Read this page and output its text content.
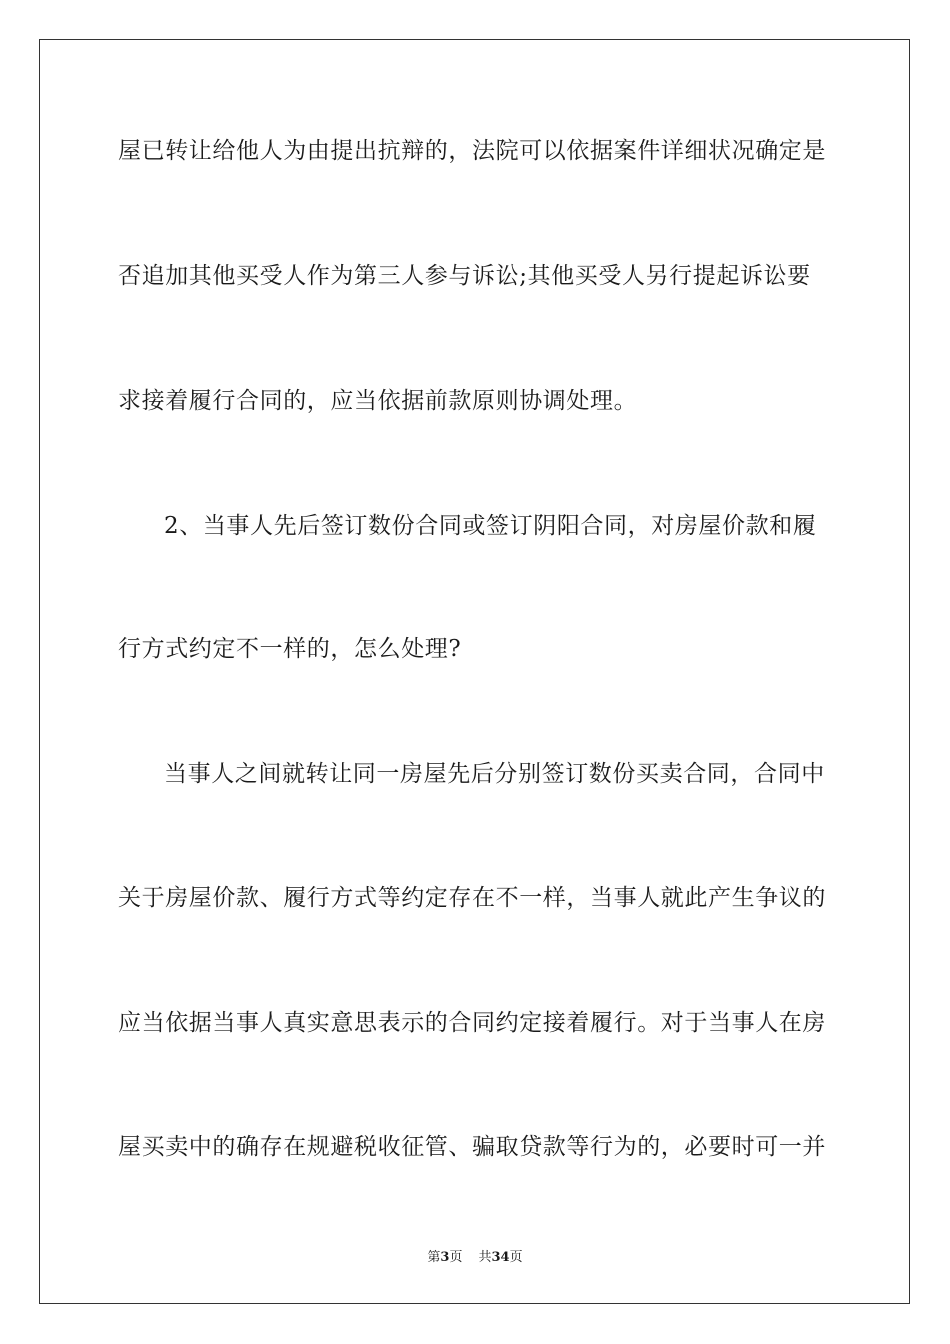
屋已转让给他人为由提出抗辩的，法院可以依据案件详细状况确定是
否追加其他买受人作为第三人参与诉讼;其他买受人另行提起诉讼要
求接着履行合同的，应当依据前款原则协调处理。
2、当事人先后签订数份合同或签订阴阳合同，对房屋价款和履
行方式约定不一样的，怎么处理?
当事人之间就转让同一房屋先后分别签订数份买卖合同，合同中
关于房屋价款、履行方式等约定存在不一样，当事人就此产生争议的
应当依据当事人真实意思表示的合同约定接着履行。对于当事人在房
屋买卖中的确存在规避税收征管、骗取贷款等行为的，必要时可一并
第3页 共34页
